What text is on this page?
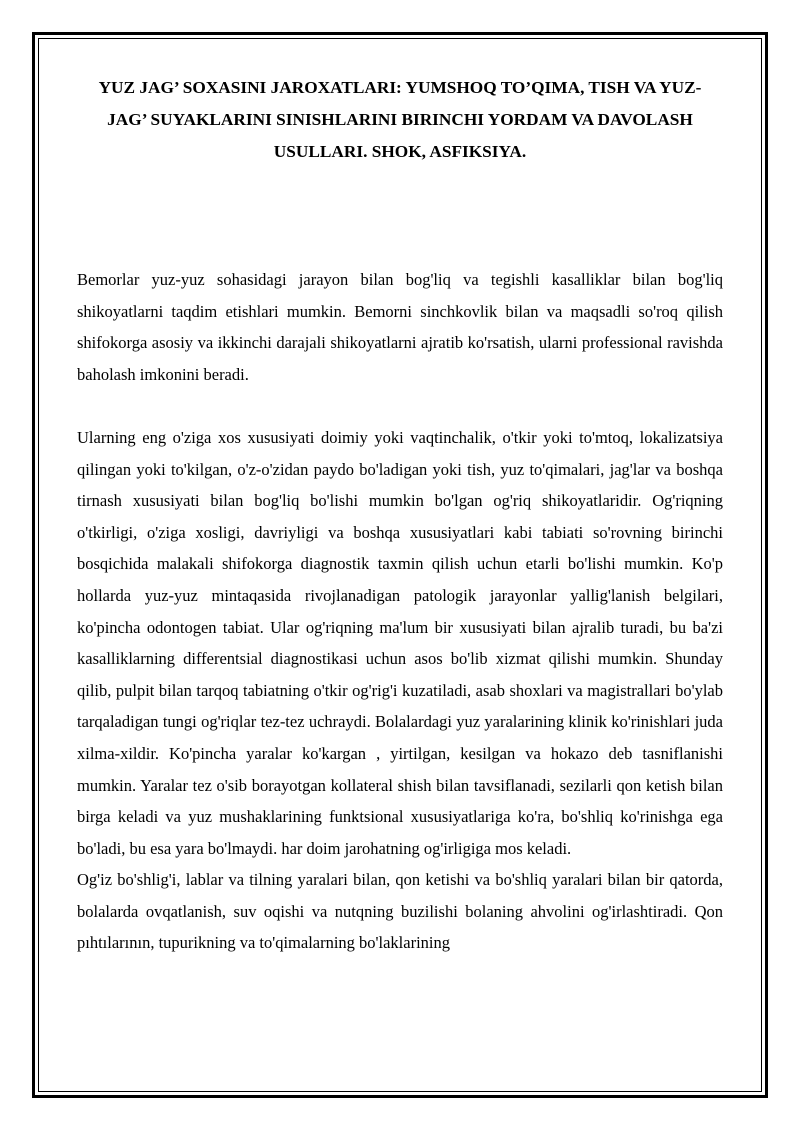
YUZ JAG’ SOXASINI JAROXATLARI: YUMSHOQ TO’QIMA, TISH VA YUZ- JAG’ SUYAKLARINI SINISHLARINI BIRINCHI YORDAM VA DAVOLASH USULLARI. SHOK, ASFIKSIYA.

Bemorlar yuz-yuz sohasidagi jarayon bilan bog'liq va tegishli kasalliklar bilan bog'liq shikoyatlarni taqdim etishlari mumkin. Bemorni sinchkovlik bilan va maqsadli so'roq qilish shifokorga asosiy va ikkinchi darajali shikoyatlarni ajratib ko'rsatish, ularni professional ravishda baholash imkonini beradi.

Ularning eng o'ziga xos xususiyati doimiy yoki vaqtinchalik, o'tkir yoki to'mtoq, lokalizatsiya qilingan yoki to'kilgan, o'z-o'zidan paydo bo'ladigan yoki tish, yuz to'qimalari, jag'lar va boshqa tirnash xususiyati bilan bog'liq bo'lishi mumkin bo'lgan og'riq shikoyatlaridir. Og'riqning o'tkirligi, o'ziga xosligi, davriyligi va boshqa xususiyatlari kabi tabiati so'rovning birinchi bosqichida malakali shifokorga diagnostik taxmin qilish uchun etarli bo'lishi mumkin. Ko'p hollarda yuz-yuz mintaqasida rivojlanadigan patologik jarayonlar yallig'lanish belgilari, ko'pincha odontogen tabiat. Ular og'riqning ma'lum bir xususiyati bilan ajralib turadi, bu ba'zi kasalliklarning differentsial diagnostikasi uchun asos bo'lib xizmat qilishi mumkin. Shunday qilib, pulpit bilan tarqoq tabiatning o'tkir og'rig'i kuzatiladi, asab shoxlari va magistrallari bo'ylab tarqaladigan tungi og'riqlar tez-tez uchraydi. Bolalardagi yuz yaralarining klinik ko'rinishlari juda xilma-xildir. Ko'pincha yaralar ko'kargan , yirtilgan, kesilgan va hokazo deb tasniflanishi mumkin. Yaralar tez o'sib borayotgan kollateral shish bilan tavsiflanadi, sezilarli qon ketish bilan birga keladi va yuz mushaklarining funktsional xususiyatlariga ko'ra, bo'shliq ko'rinishga ega bo'ladi, bu esa yara bo'lmaydi. har doim jarohatning og'irligiga mos keladi.

Og'iz bo'shlig'i, lablar va tilning yaralari bilan, qon ketishi va bo'shliq yaralari bilan bir qatorda, bolalarda ovqatlanish, suv oqishi va nutqning buzilishi bolaning ahvolini og'irlashtiradi. Qon pıhtılarının, tupurikning va to'qimalarning bo'laklarining
